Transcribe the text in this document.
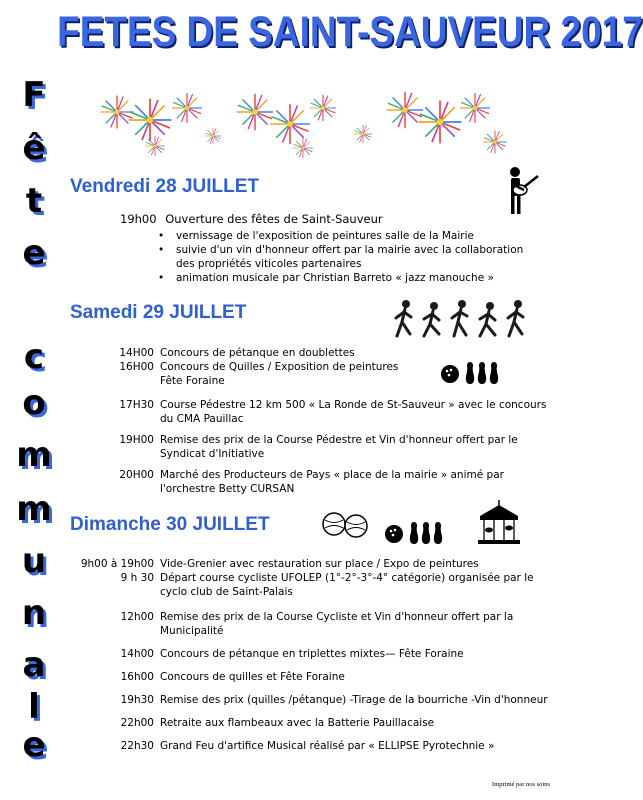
FETES DE SAINT-SAUVEUR 2017
F
ê
t
e
c
o
m
m
u
n
a
l
e
Vendredi 28 JUILLET
19h00 Ouverture des fêtes de Saint-Sauveur
• vernissage de l'exposition de peintures salle de la Mairie
• suivie d'un vin d'honneur offert par la mairie avec la collaboration
des propriétés viticoles partenaires
• animation musicale par Christian Barreto « jazz manouche »
Samedi 29 JUILLET
14H00 Concours de pétanque en doublettes
16H00 Concours de Quilles / Exposition de peintures
Fête Foraine
17H30 Course Pédestre 12 km 500 « La Ronde de St-Sauveur » avec le concours
du CMA Pauillac
19H00 Remise des prix de la Course Pédestre et Vin d'honneur offert par le
Syndicat d'Initiative
20H00 Marché des Producteurs de Pays « place de la mairie » animé par
l'orchestre Betty CURSAN
Dimanche 30 JUILLET
9h00 à 19h00 Vide-Grenier avec restauration sur place / Expo de peintures
9 h 30 Départ course cycliste UFOLEP (1°-2°-3°-4° catégorie) organisée par le
cyclo club de Saint-Palais
12h00 Remise des prix de la Course Cycliste et Vin d'honneur offert par la
Municipalité
14h00 Concours de pétanque en triplettes mixtes— Fête Foraine
16h00 Concours de quilles et Fête Foraine
19h30 Remise des prix (quilles /pétanque) -Tirage de la bourriche -Vin d'honneur
22h00 Retraite aux flambeaux avec la Batterie Pauillacaise
22h30 Grand Feu d'artifice Musical réalisé par « ELLIPSE Pyrotechnie »
Imprimé par nos soins
